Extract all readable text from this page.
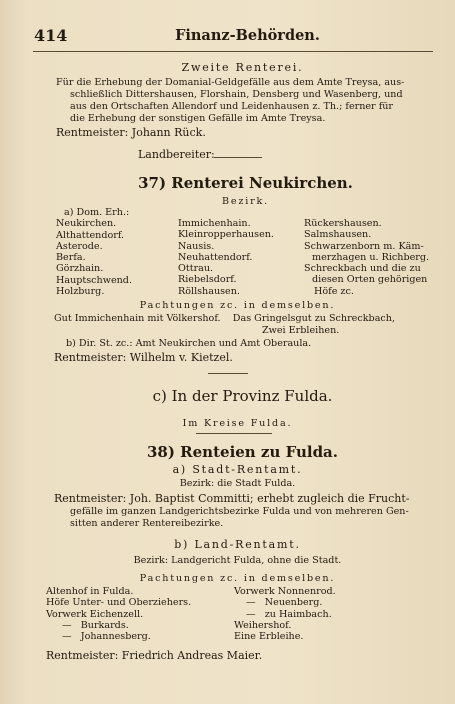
414	Finanz-Behörden.
Zweite Renterei.
Für die Erhebung der Domanial-Geldgefälle aus dem Amte Treysa, aus-
schließlich Dittershausen, Florshain, Densberg und Wasenberg, und
aus den Ortschaften Allendorf und Leidenhausen z. Th.; ferner für
die Erhebung der sonstigen Gefälle im Amte Treysa.
Rentmeister: Johann Rück.
Landbereiter:
37) Renterei Neukirchen.
Bezirk.
a) Dom. Erh.:
Neukirchen.
Althattendorf.
Asterode.
Berfa.
Görzhain.
Hauptschwend.
Holzburg.
Immichenhain.
Kleinropperhausen.
Nausis.
Neuhattendorf.
Ottrau.
Riebelsdorf.
Röllshausen.
Rückershausen.
Salmshausen.
Schwarzenborn m. Käm-
merzhagen u. Richberg.
Schreckbach und die zu
diesen Orten gehörigen
Höfe zc.
Pachtungen zc. in demselben.
Gut Immichenhain mit Völkershof.    Das Gringelsgut zu Schreckbach,
Zwei Erbleihen.
b) Dir. St. zc.: Amt Neukirchen und Amt Oberaula.
Rentmeister: Wilhelm v. Kietzel.
c) In der Provinz Fulda.
Im Kreise Fulda.
38) Renteien zu Fulda.
a) Stadt-Rentamt.
Bezirk: die Stadt Fulda.
Rentmeister: Joh. Baptist Committi; erhebt zugleich die Frucht-
gefälle im ganzen Landgerichtsbezirke Fulda und von mehreren Gen-
sitten anderer Rentereibezirke.
b) Land-Rentamt.
Bezirk: Landgericht Fulda, ohne die Stadt.
Pachtungen zc. in demselben.
Altenhof in Fulda.
Höfe Unter- und Oberziehers.
Vorwerk Eichenzell.
—   Burkards.
—   Johannesberg.
Vorwerk Nonnenrod.
—   Neuenberg.
—   zu Haimbach.
Weihershof.
Eine Erbleihe.
Rentmeister: Friedrich Andreas Maier.
